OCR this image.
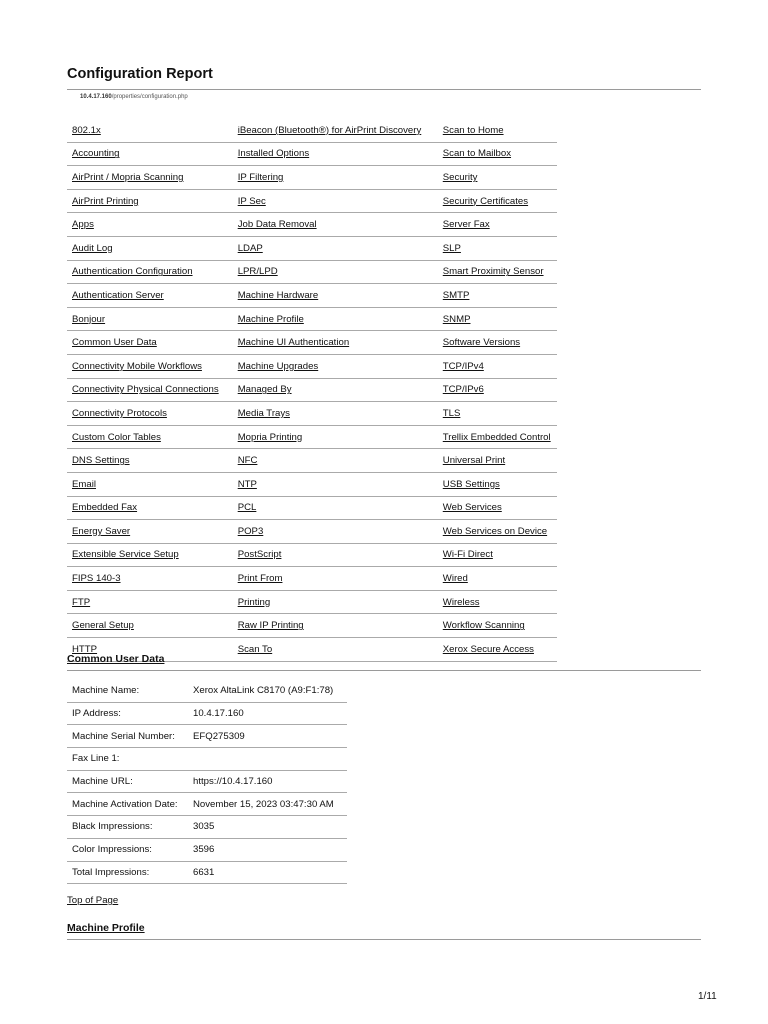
Configuration Report
10.4.17.160/properties/configuration.php
802.1x	iBeacon (Bluetooth®) for AirPrint Discovery	Scan to Home
Accounting	Installed Options	Scan to Mailbox
AirPrint / Mopria Scanning	IP Filtering	Security
AirPrint Printing	IP Sec	Security Certificates
Apps	Job Data Removal	Server Fax
Audit Log	LDAP	SLP
Authentication Configuration	LPR/LPD	Smart Proximity Sensor
Authentication Server	Machine Hardware	SMTP
Bonjour	Machine Profile	SNMP
Common User Data	Machine UI Authentication	Software Versions
Connectivity Mobile Workflows	Machine Upgrades	TCP/IPv4
Connectivity Physical Connections	Managed By	TCP/IPv6
Connectivity Protocols	Media Trays	TLS
Custom Color Tables	Mopria Printing	Trellix Embedded Control
DNS Settings	NFC	Universal Print
Email	NTP	USB Settings
Embedded Fax	PCL	Web Services
Energy Saver	POP3	Web Services on Device
Extensible Service Setup	PostScript	Wi-Fi Direct
FIPS 140-3	Print From	Wired
FTP	Printing	Wireless
General Setup	Raw IP Printing	Workflow Scanning
HTTP	Scan To	Xerox Secure Access
Common User Data
Machine Name:	Xerox AltaLink C8170 (A9:F1:78)
IP Address:	10.4.17.160
Machine Serial Number:	EFQ275309
Fax Line 1:	
Machine URL:	https://10.4.17.160
Machine Activation Date:	November 15, 2023 03:47:30 AM
Black Impressions:	3035
Color Impressions:	3596
Total Impressions:	6631
Top of Page
Machine Profile
1/11
